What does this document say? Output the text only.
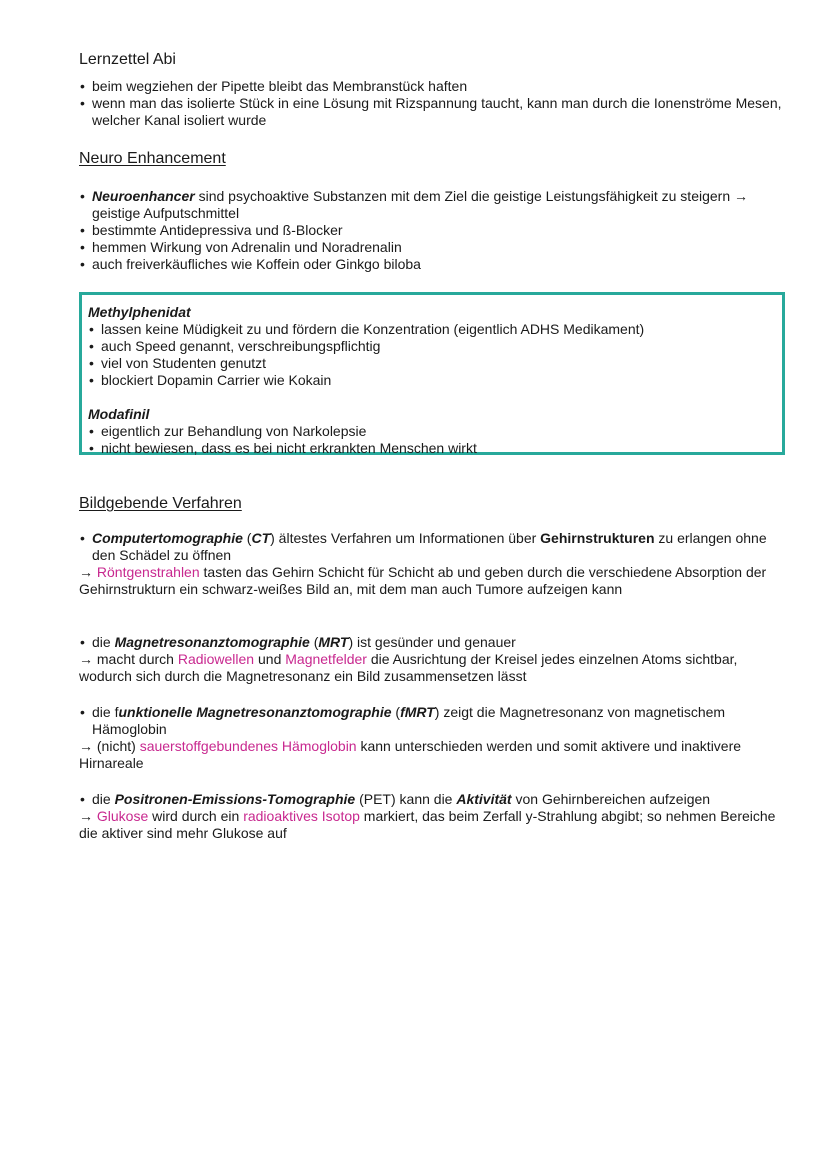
Lernzettel Abi
• beim wegziehen der Pipette bleibt das Membranstück haften
• wenn man das isolierte Stück in eine Lösung mit Rizspannung taucht, kann man durch die Ionenströme Mesen, welcher Kanal isoliert wurde
Neuro Enhancement
• Neuroenhancer sind psychoaktive Substanzen mit dem Ziel die geistige Leistungsfähigkeit zu steigern → geistige Aufputschmittel
• bestimmte Antidepressiva und ß-Blocker
• hemmen Wirkung von Adrenalin und Noradrenalin
• auch freiverkäufliches wie Koffein oder Ginkgo biloba
Methylphenidat
• lassen keine Müdigkeit zu und fördern die Konzentration (eigentlich ADHS Medikament)
• auch Speed genannt, verschreibungspflichtig
• viel von Studenten genutzt
• blockiert Dopamin Carrier wie Kokain
Modafinil
• eigentlich zur Behandlung von Narkolepsie
• nicht bewiesen, dass es bei nicht erkrankten Menschen wirkt
Bildgebende Verfahren
• Computertomographie (CT) ältestes Verfahren um Informationen über Gehirnstrukturen zu erlangen ohne den Schädel zu öffnen
→ Röntgenstrahlen tasten das Gehirn Schicht für Schicht ab und geben durch die verschiedene Absorption der Gehirnstrukturn ein schwarz-weißes Bild an, mit dem man auch Tumore aufzeigen kann
• die Magnetresonanztomographie (MRT) ist gesünder und genauer
→ macht durch Radiowellen und Magnetfelder die Ausrichtung der Kreisel jedes einzelnen Atoms sichtbar, wodurch sich durch die Magnetresonanz ein Bild zusammensetzen lässt
• die funktionelle Magnetresonanztomographie (fMRT) zeigt die Magnetresonanz von magnetischem Hämoglobin
→ (nicht) sauerstoffgebundenes Hämoglobin kann unterschieden werden und somit aktivere und inaktivere Hirnareale
• die Positronen-Emissions-Tomographie (PET) kann die Aktivität von Gehirnbereichen aufzeigen
→ Glukose wird durch ein radioaktives Isotop markiert, das beim Zerfall y-Strahlung abgibt; so nehmen Bereiche die aktiver sind mehr Glukose auf
